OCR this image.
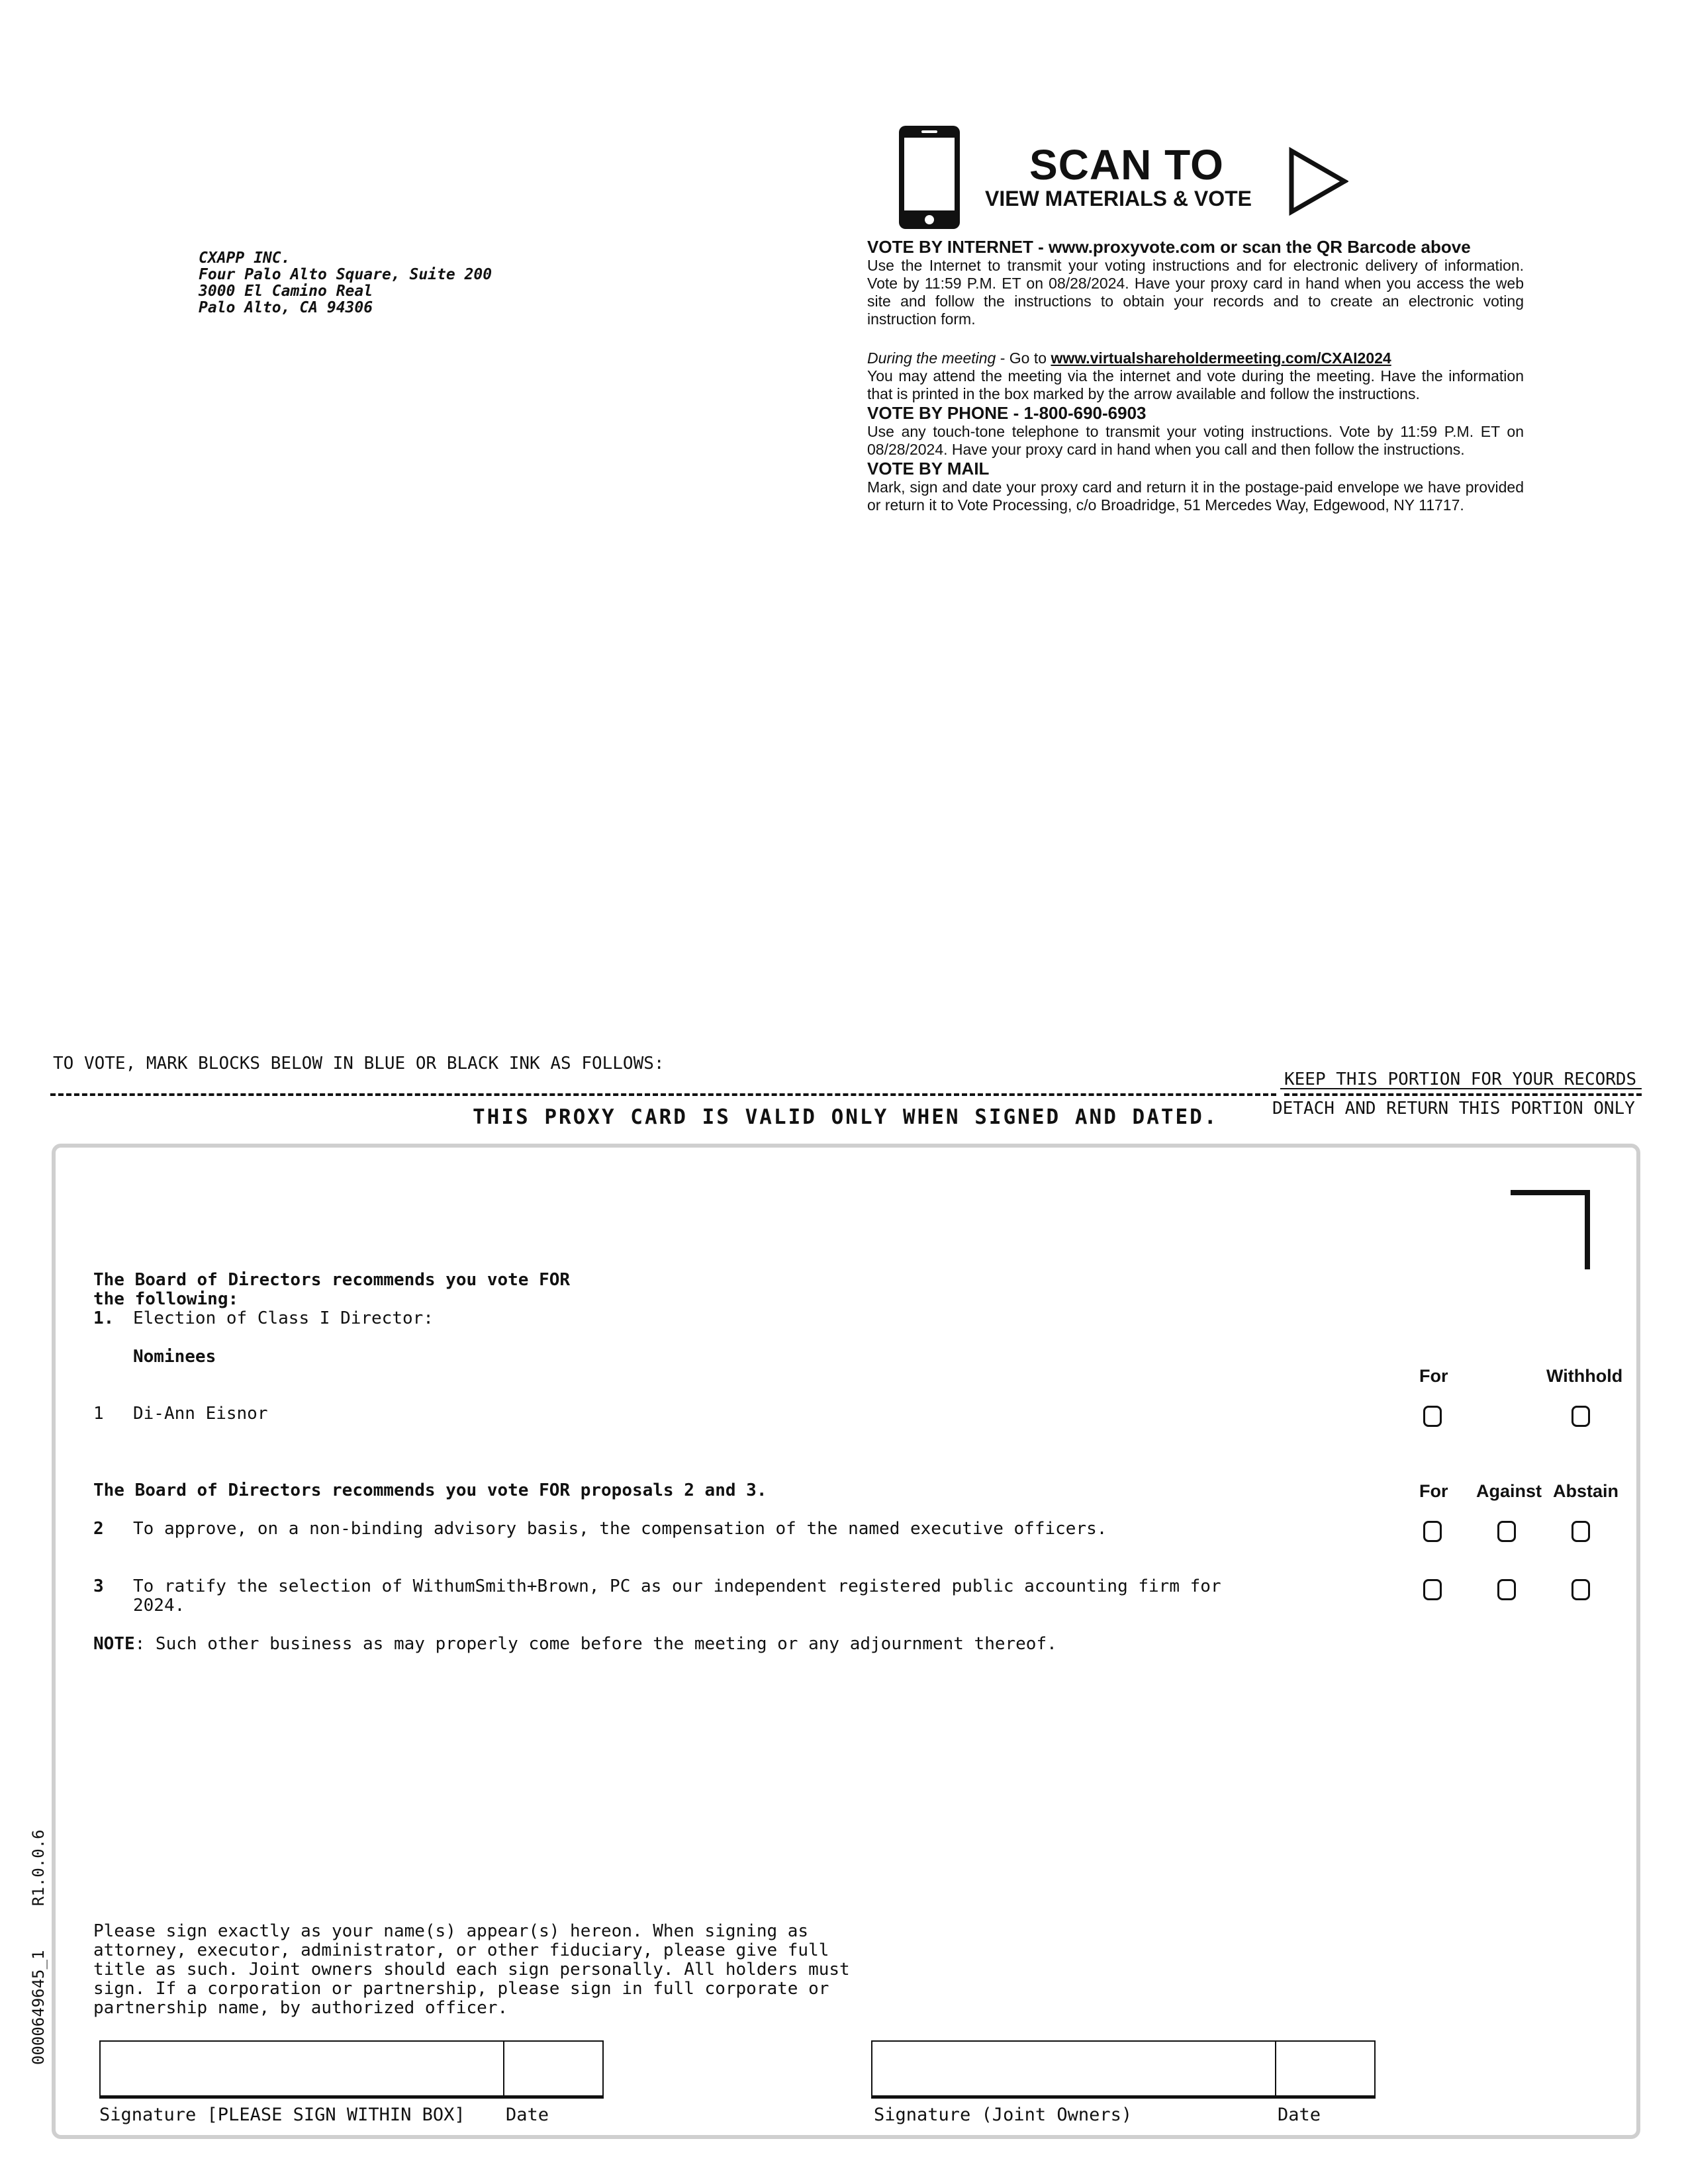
CXAPP INC.
Four Palo Alto Square, Suite 200
3000 El Camino Real
Palo Alto, CA 94306
SCAN TO
VIEW MATERIALS & VOTE
VOTE BY INTERNET - www.proxyvote.com or scan the QR Barcode above

Use the Internet to transmit your voting instructions and for electronic delivery of information. Vote by 11:59 P.M. ET on 08/28/2024. Have your proxy card in hand when you access the web site and follow the instructions to obtain your records and to create an electronic voting instruction form.

During the meeting - Go to www.virtualshareholdermeeting.com/CXAI2024

You may attend the meeting via the internet and vote during the meeting. Have the information that is printed in the box marked by the arrow available and follow the instructions.

VOTE BY PHONE - 1-800-690-6903

Use any touch-tone telephone to transmit your voting instructions. Vote by 11:59 P.M. ET on 08/28/2024. Have your proxy card in hand when you call and then follow the instructions.

VOTE BY MAIL

Mark, sign and date your proxy card and return it in the postage-paid envelope we have provided or return it to Vote Processing, c/o Broadridge, 51 Mercedes Way, Edgewood, NY 11717.

TO VOTE, MARK BLOCKS BELOW IN BLUE OR BLACK INK AS FOLLOWS:
KEEP THIS PORTION FOR YOUR RECORDS
DETACH AND RETURN THIS PORTION ONLY
THIS PROXY CARD IS VALID ONLY WHEN SIGNED AND DATED.
The Board of Directors recommends you vote FOR
the following:
1. Election of Class I Director:
Nominees
For	Withhold
1 Di-Ann Eisnor
The Board of Directors recommends you vote FOR proposals 2 and 3.	For Against Abstain
2 To approve, on a non-binding advisory basis, the compensation of the named executive officers.
3 To ratify the selection of WithumSmith+Brown, PC as our independent registered public accounting firm for
2024.
NOTE: Such other business as may properly come before the meeting or any adjournment thereof.
Please sign exactly as your name(s) appear(s) hereon. When signing as
attorney, executor, administrator, or other fiduciary, please give full
title as such. Joint owners should each sign personally. All holders must
sign. If a corporation or partnership, please sign in full corporate or
partnership name, by authorized officer.
Signature [PLEASE SIGN WITHIN BOX] Date	Signature (Joint Owners)	Date
0000649645_1
R1.0.0.6
